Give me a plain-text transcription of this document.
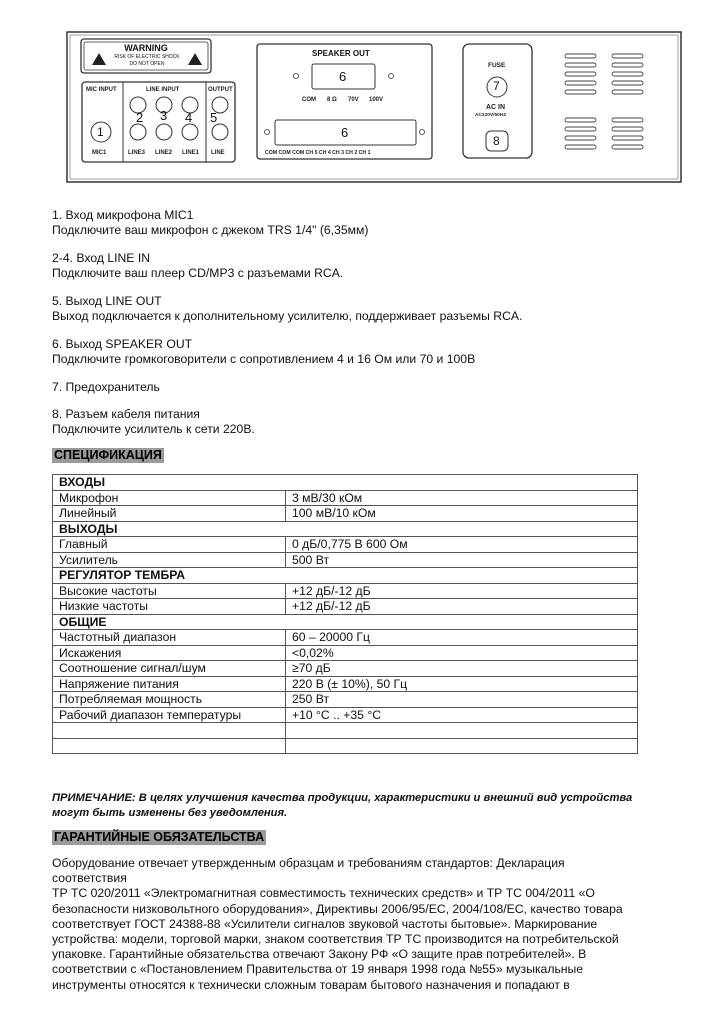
WARNING
RISK OF ELECTRIC SHOCK
DO NOT OPEN
MIC INPUT	LINE INPUT	OUTPUT
1
2 3 4 5
MIC1	LINE3 LINE2 LINE1 LINE
SPEAKER OUT
6
COM 8 Ω 70V 100V
6
COM COM COM CH 5 CH 4 CH 3 CH 2 CH 1
FUSE
7
AC IN
AC220V/50HZ
8

1. Вход микрофона MIC1

Подключите ваш микрофон с джеком TRS 1/4" (6,35мм)

2-4. Вход LINE IN

Подключите ваш плеер CD/MP3 с разъемами RCA.

5. Выход LINE OUT

Выход подключается к дополнительному усилителю, поддерживает разъемы RCA.

6. Выход SPEAKER OUT

Подключите громкоговорители с сопротивлением 4 и 16 Ом или 70 и 100В

7. Предохранитель

8. Разъем кабеля питания

Подключите усилитель к сети 220В.

СПЕЦИФИКАЦИЯ
ВХОДЫ	
Микрофон	3 мВ/30 кОм
Линейный	100 мВ/10 кОм
ВЫХОДЫ	
Главный	0 дБ/0,775 В 600 Ом
Усилитель	500 Вт
РЕГУЛЯТОР ТЕМБРА	
Высокие частоты	+12 дБ/-12 дБ
Низкие частоты	+12 дБ/-12 дБ
ОБЩИЕ	
Частотный диапазон	60 – 20000 Гц
Искажения	<0,02%
Соотношение сигнал/шум	≥70 дБ
Напряжение питания	220 В (± 10%), 50 Гц
Потребляемая мощность	250 Вт
Рабочий диапазон температуры	+10 °С .. +35 °С

ПРИМЕЧАНИЕ: В целях улучшения качества продукции, характеристики и внешний вид устройства
могут быть изменены без уведомления.
ГАРАНТИЙНЫЕ ОБЯЗАТЕЛЬСТВА
Оборудование отвечает утвержденным образцам и требованиям стандартов: Декларация
соответствия
ТР ТС 020/2011 «Электромагнитная совместимость технических средств» и ТР ТС 004/2011 «О
безопасности низковольтного оборудования», Директивы 2006/95/EC, 2004/108/EC, качество товара
соответствует ГОСТ 24388-88 «Усилители сигналов звуковой частоты бытовые». Маркирование
устройства: модели, торговой марки, знаком соответствия ТР ТС производится на потребительской
упаковке. Гарантийные обязательства отвечают Закону РФ «О защите прав потребителей». В
соответствии с «Постановлением Правительства от 19 января 1998 года №55» музыкальные
инструменты относятся к технически сложным товарам бытового назначения и попадают в
